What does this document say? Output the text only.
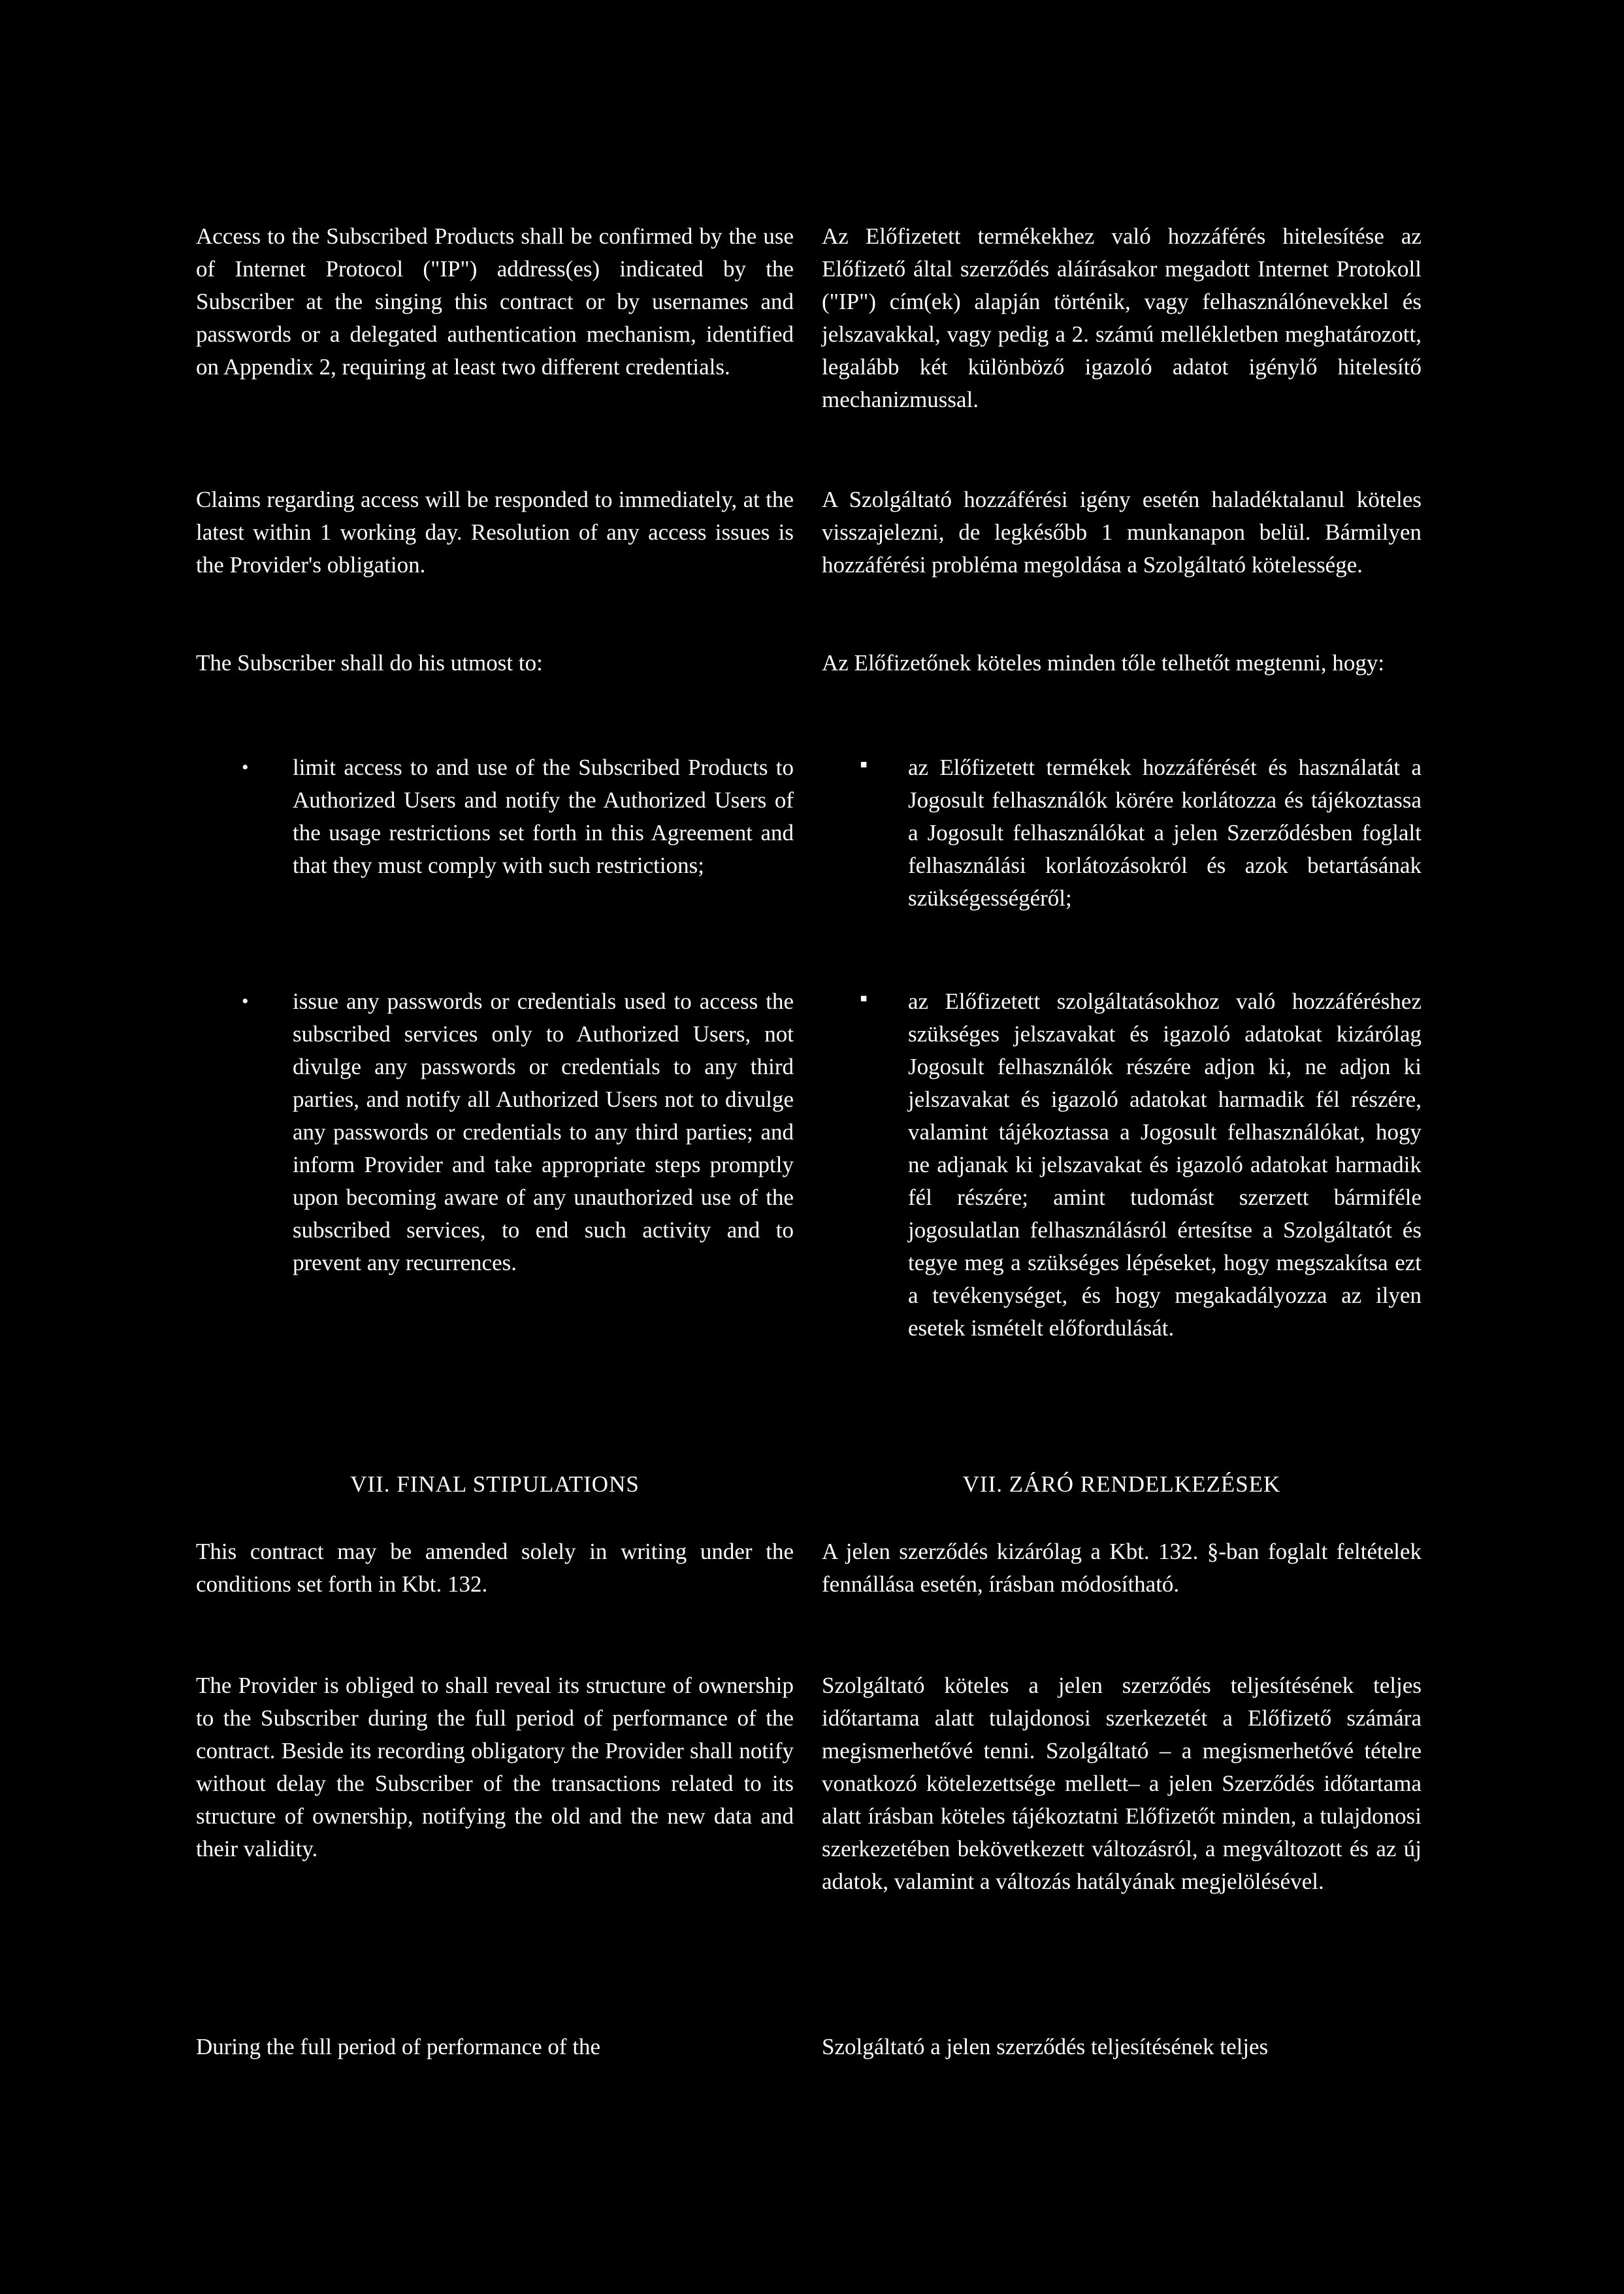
Access to the Subscribed Products shall be confirmed by the use of Internet Protocol ("IP") address(es) indicated by the Subscriber at the singing this contract or by usernames and passwords or a delegated authentication mechanism, identified on Appendix 2, requiring at least two different credentials.

Claims regarding access will be responded to immediately, at the latest within 1 working day. Resolution of any access issues is the Provider's obligation.

The Subscriber shall do his utmost to:

• limit access to and use of the Subscribed Products to Authorized Users and notify the Authorized Users of the usage restrictions set forth in this Agreement and that they must comply with such restrictions;

• issue any passwords or credentials used to access the subscribed services only to Authorized Users, not divulge any passwords or credentials to any third parties, and notify all Authorized Users not to divulge any passwords or credentials to any third parties; and inform Provider and take appropriate steps promptly upon becoming aware of any unauthorized use of the subscribed services, to end such activity and to prevent any recurrences.

VII. FINAL STIPULATIONS

This contract may be amended solely in writing under the conditions set forth in Kbt. 132.

The Provider is obliged to shall reveal its structure of ownership to the Subscriber during the full period of performance of the contract. Beside its recording obligatory the Provider shall notify without delay the Subscriber of the transactions related to its structure of ownership, notifying the old and the new data and their validity.

During the full period of performance of the

Az Előfizetett termékekhez való hozzáférés hitelesítése az Előfizető által szerződés aláírásakor megadott Internet Protokoll ("IP") cím(ek) alapján történik, vagy felhasználónevekkel és jelszavakkal, vagy pedig a 2. számú mellékletben meghatározott, legalább két különböző igazoló adatot igénylő hitelesítő mechanizmussal.

A Szolgáltató hozzáférési igény esetén haladéktalanul köteles visszajelezni, de legkésőbb 1 munkanapon belül. Bármilyen hozzáférési probléma megoldása a Szolgáltató kötelessége.

Az Előfizetőnek köteles minden tőle telhetőt megtenni, hogy:

▪ az Előfizetett termékek hozzáférését és használatát a Jogosult felhasználók körére korlátozza és tájékoztassa a Jogosult felhasználókat a jelen Szerződésben foglalt felhasználási korlátozásokról és azok betartásának szükségességéről;

▪ az Előfizetett szolgáltatásokhoz való hozzáféréshez szükséges jelszavakat és igazoló adatokat kizárólag Jogosult felhasználók részére adjon ki, ne adjon ki jelszavakat és igazoló adatokat harmadik fél részére, valamint tájékoztassa a Jogosult felhasználókat, hogy ne adjanak ki jelszavakat és igazoló adatokat harmadik fél részére; amint tudomást szerzett bármiféle jogosulatlan felhasználásról értesítse a Szolgáltatót és tegye meg a szükséges lépéseket, hogy megszakítsa ezt a tevékenységet, és hogy megakadályozza az ilyen esetek ismételt előfordulását.

VII. ZÁRÓ RENDELKEZÉSEK

A jelen szerződés kizárólag a Kbt. 132. §-ban foglalt feltételek fennállása esetén, írásban módosítható.

Szolgáltató köteles a jelen szerződés teljesítésének teljes időtartama alatt tulajdonosi szerkezetét a Előfizető számára megismerhetővé tenni. Szolgáltató – a megismerhetővé tételre vonatkozó kötelezettsége mellett– a jelen Szerződés időtartama alatt írásban köteles tájékoztatni Előfizetőt minden, a tulajdonosi szerkezetében bekövetkezett változásról, a megváltozott és az új adatok, valamint a változás hatályának megjelölésével.

Szolgáltató a jelen szerződés teljesítésének teljes
